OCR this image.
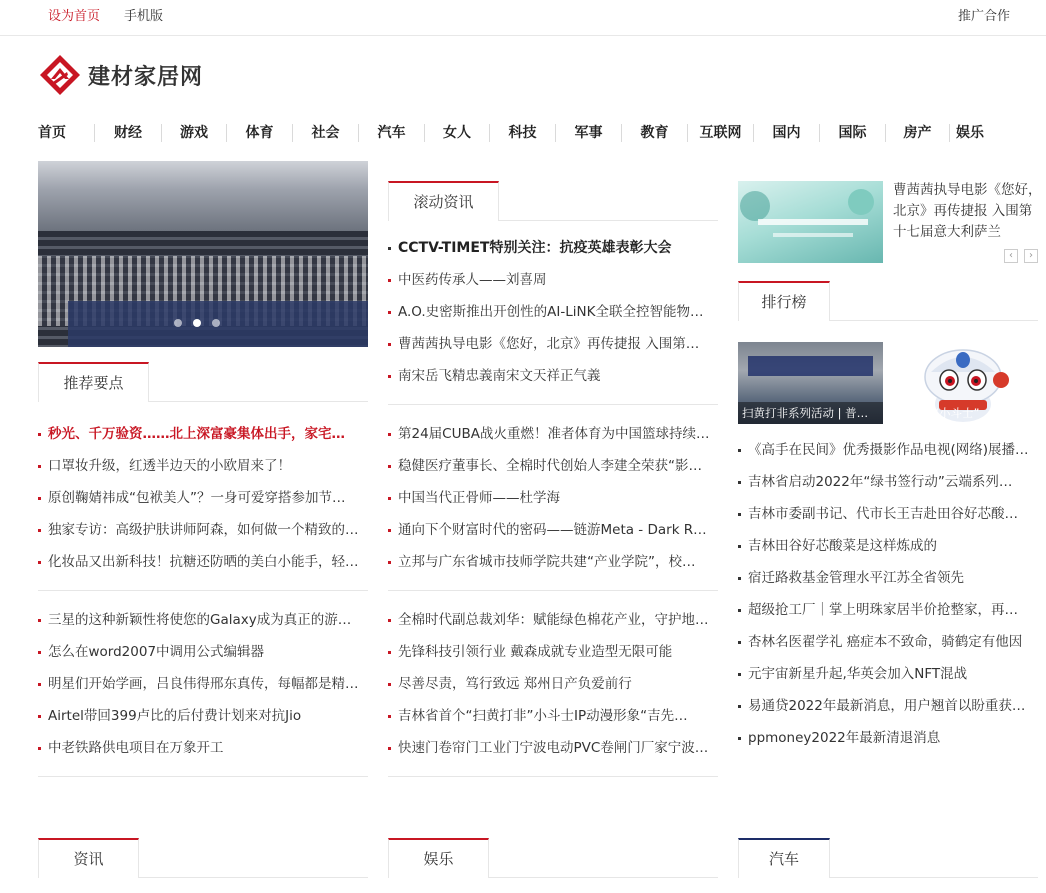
设为首页 手机版	推广合作
建材家居网
首页	财经	游戏	体育	社会	汽车	女人	科技	军事	教育	互联网	国内	国际	房产	娱乐
推荐要点
秒光、千万验资……北上深富豪集体出手，家宅…
口罩妆升级，红透半边天的小欧眉来了！
原创鞠婧祎成“包袱美人”？一身可爱穿搭参加节…
独家专访：高级护肤讲师阿森，如何做一个精致的…
化妆品又出新科技！抗糖还防晒的美白小能手，轻…
三星的这种新颖性将使您的Galaxy成为真正的游…
怎么在word2007中调用公式编辑器
明星们开始学画，吕良伟得邢东真传，每幅都是精…
Airtel带回399卢比的后付费计划来对抗Jio
中老铁路供电项目在万象开工
滚动资讯
CCTV-TIMET特别关注：抗疫英雄表彰大会
中医药传承人——刘喜周
A.O.史密斯推出开创性的AI-LiNK全联全控智能物…
曹茜茜执导电影《您好，北京》再传捷报 入围第…
南宋岳飞精忠義南宋文天祥正气義
第24届CUBA战火重燃！准者体育为中国篮球持续…
稳健医疗董事长、全棉时代创始人李建全荣获“影…
中国当代正骨师——杜学海
通向下个财富时代的密码——链游Meta - Dark R…
立邦与广东省城市技师学院共建“产业学院”，校…
全棉时代副总裁刘华：赋能绿色棉花产业，守护地…
先锋科技引领行业 戴森成就专业造型无限可能
尽善尽责，笃行致远 郑州日产负爱前行
吉林省首个“扫黄打非”小斗士IP动漫形象“吉先…
快速门卷帘门工业门宁波电动PVC卷闸门厂家宁波…
曹茜茜执导电影《您好，北京》再传捷报 入围第十七届意大利萨兰
‹	›
排行榜
扫黄打非系列活动 | 普…	“小斗士”
《高手在民间》优秀摄影作品电视(网络)展播…
吉林省启动2022年“绿书签行动”云端系列…
吉林市委副书记、代市长王吉赴田谷好芯酸…
吉林田谷好芯酸菜是这样炼成的
宿迁路救基金管理水平江苏全省领先
超级抢工厂｜掌上明珠家居半价抢整家，再…
杏林名医翟学礼 癌症本不致命，骑鹤定有他因
元宇宙新星升起,华英会加入NFT混战
易通贷2022年最新消息，用户翘首以盼重获…
ppmoney2022年最新清退消息
资讯	娱乐	汽车
